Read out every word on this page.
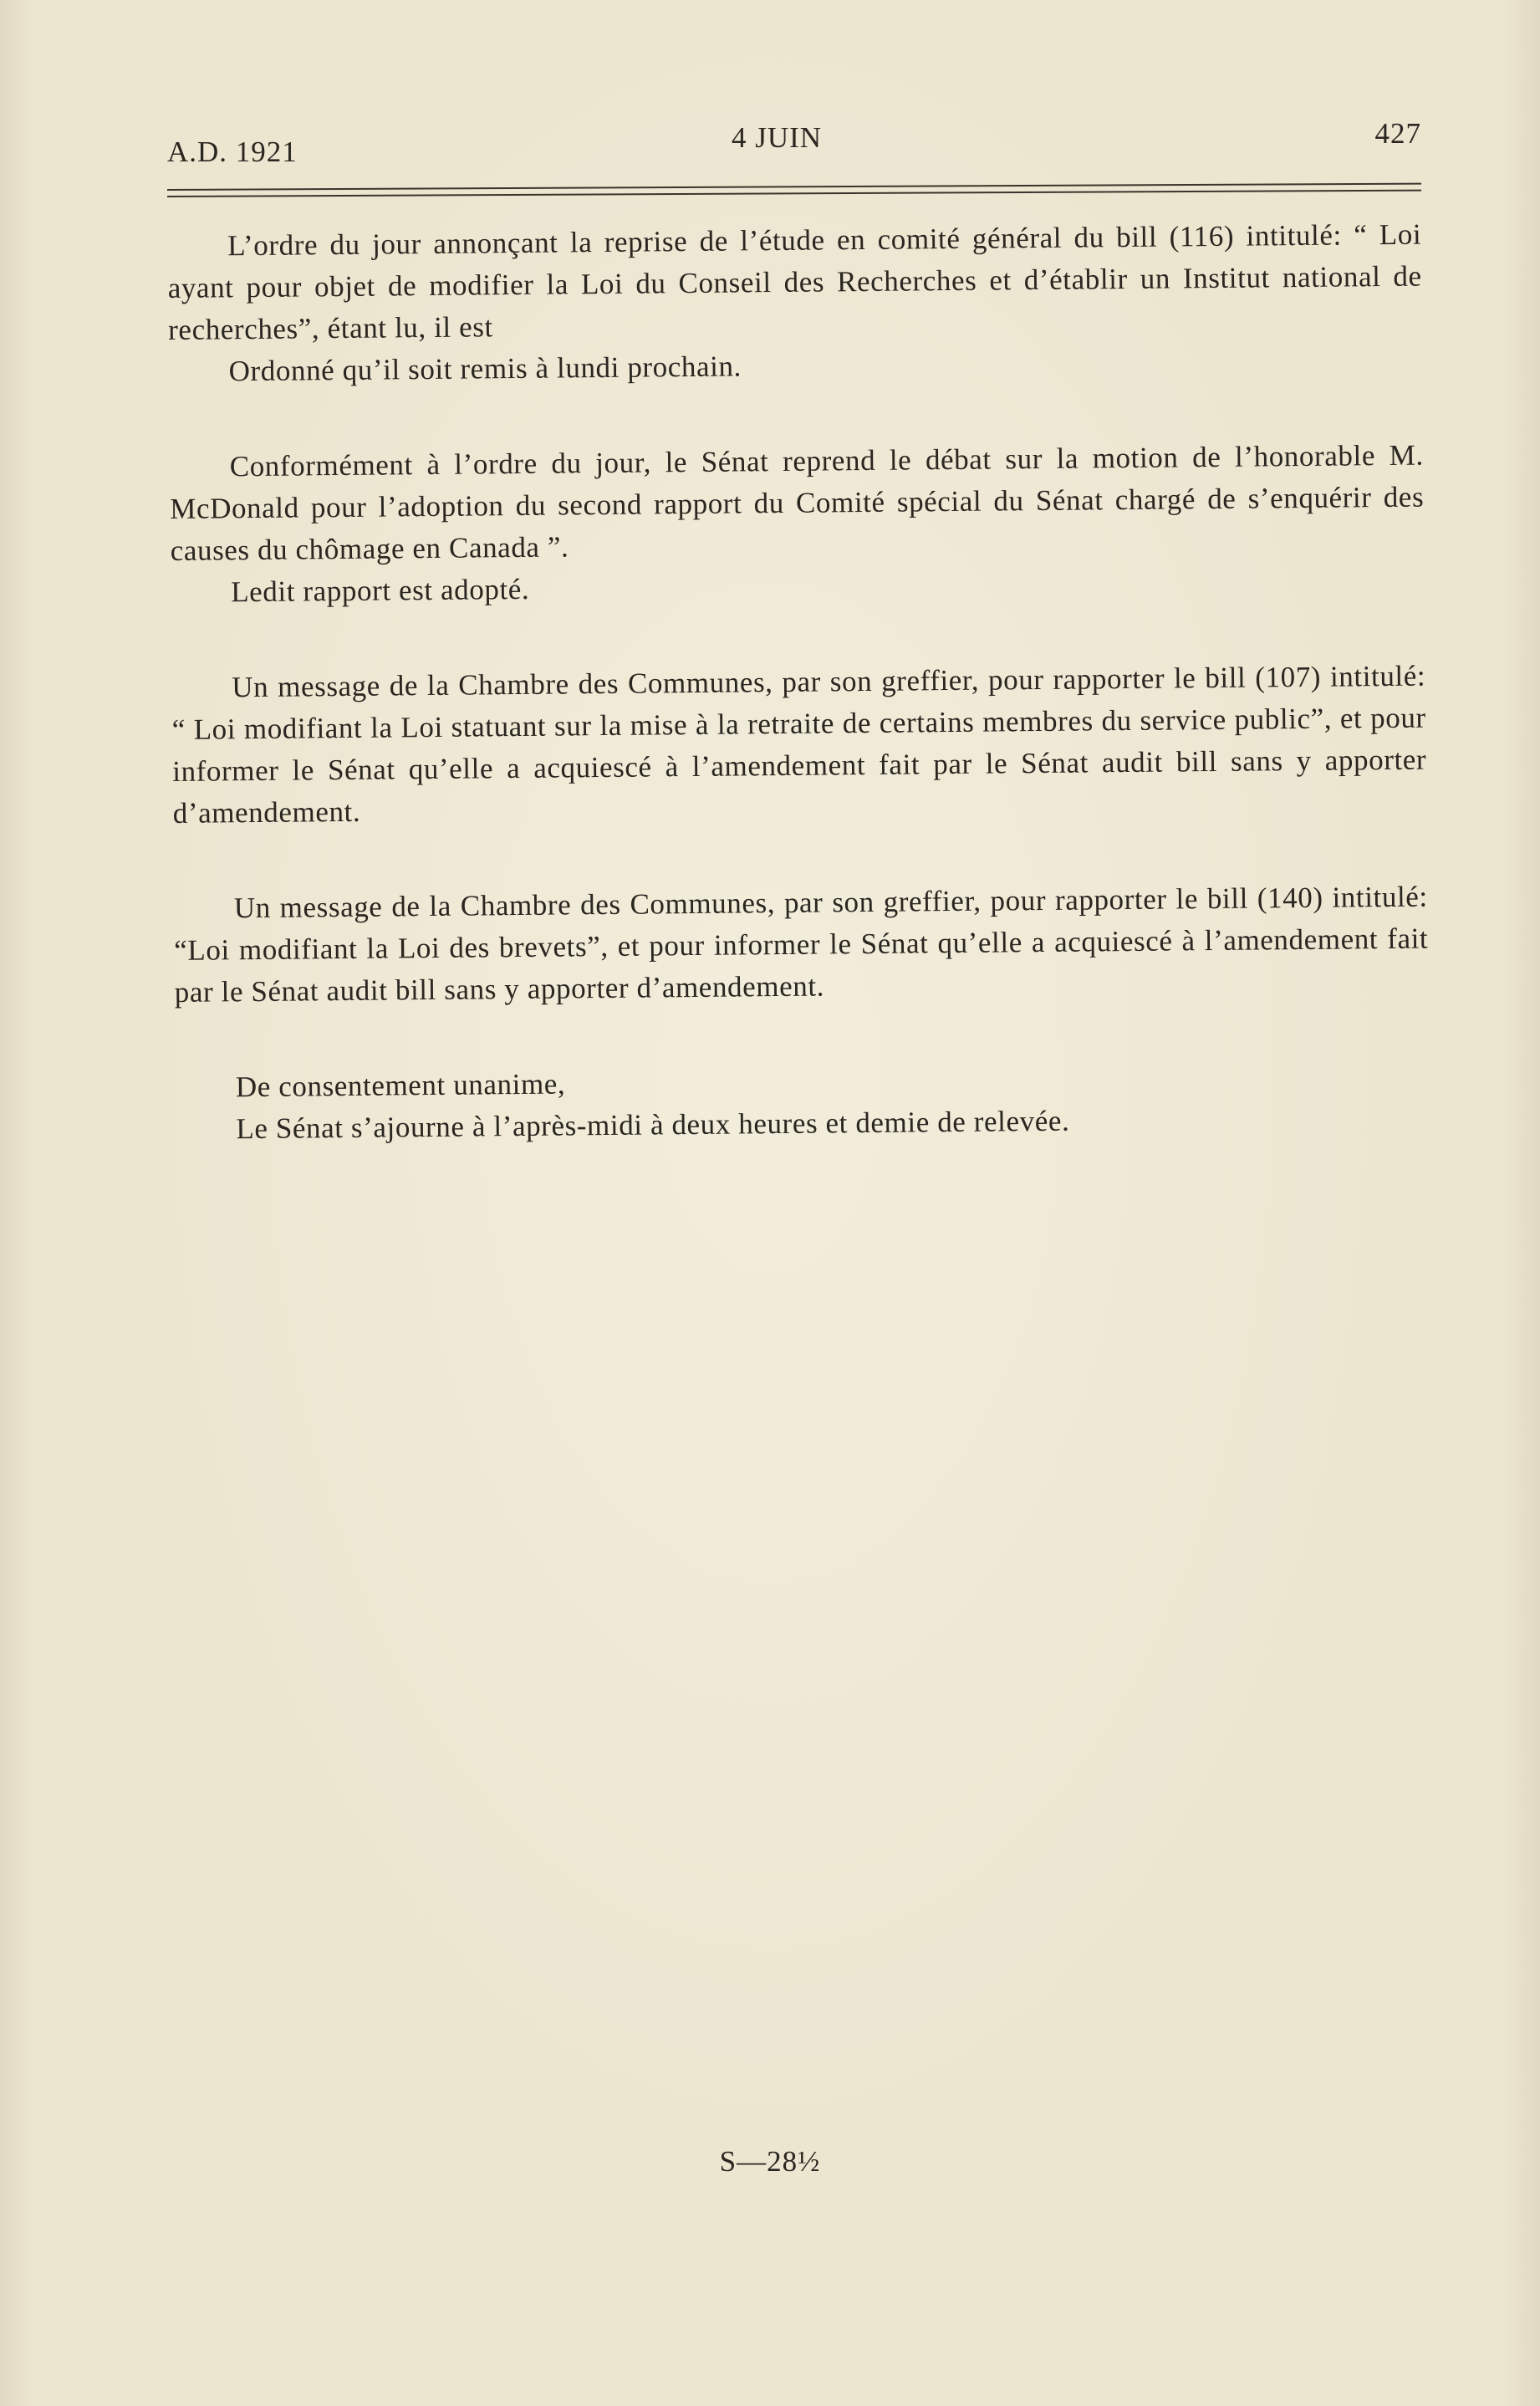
A.D. 1921	4 JUIN	427

L’ordre du jour annonçant la reprise de l’étude en comité général du bill (116) intitulé: “ Loi ayant pour objet de modifier la Loi du Conseil des Recherches et d’établir un Institut national de recherches”, étant lu, il est

Ordonné qu’il soit remis à lundi prochain.

Conformément à l’ordre du jour, le Sénat reprend le débat sur la motion de l’honorable M. McDonald pour l’adoption du second rapport du Comité spécial du Sénat chargé de s’enquérir des causes du chômage en Canada ”.

Ledit rapport est adopté.

Un message de la Chambre des Communes, par son greffier, pour rapporter le bill (107) intitulé: “ Loi modifiant la Loi statuant sur la mise à la retraite de certains membres du service public”, et pour informer le Sénat qu’elle a acquiescé à l’amendement fait par le Sénat audit bill sans y apporter d’amendement.

Un message de la Chambre des Communes, par son greffier, pour rapporter le bill (140) intitulé: “Loi modifiant la Loi des brevets”, et pour informer le Sénat qu’elle a acquiescé à l’amendement fait par le Sénat audit bill sans y apporter d’amendement.

De consentement unanime,

Le Sénat s’ajourne à l’après-midi à deux heures et demie de relevée.

S—28½
